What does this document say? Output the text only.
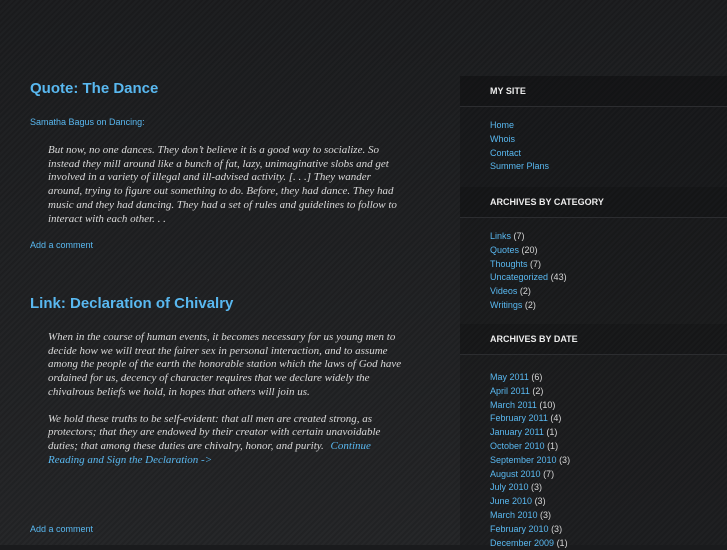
Quote: The Dance
Samatha Bagus on Dancing:

But now, no one dances. They don’t believe it is a good way to socialize. So instead they mill around like a bunch of fat, lazy, unimaginative slobs and get involved in a variety of illegal and ill-advised activity. [. . .] They wander around, trying to figure out something to do. Before, they had dance. They had music and they had dancing. They had a set of rules and guidelines to follow to interact with each other. . .

Add a comment
Link: Declaration of Chivalry

When in the course of human events, it becomes necessary for us young men to decide how we will treat the fairer sex in personal interaction, and to assume among the people of the earth the honorable station which the laws of God have ordained for us, decency of character requires that we declare widely the chivalrous beliefs we hold, in hopes that others will join us.

We hold these truths to be self-evident: that all men are created strong, as protectors; that they are endowed by their creator with certain unavoidable duties; that among these duties are chivalry, honor, and purity. Continue Reading and Sign the Declaration ->

Add a comment
MY SITE
Home
Whois
Contact
Summer Plans
ARCHIVES BY CATEGORY
Links (7)
Quotes (20)
Thoughts (7)
Uncategorized (43)
Videos (2)
Writings (2)
ARCHIVES BY DATE
May 2011 (6)
April 2011 (2)
March 2011 (10)
February 2011 (4)
January 2011 (1)
October 2010 (1)
September 2010 (3)
August 2010 (7)
July 2010 (3)
June 2010 (3)
March 2010 (3)
February 2010 (3)
December 2009 (1)
